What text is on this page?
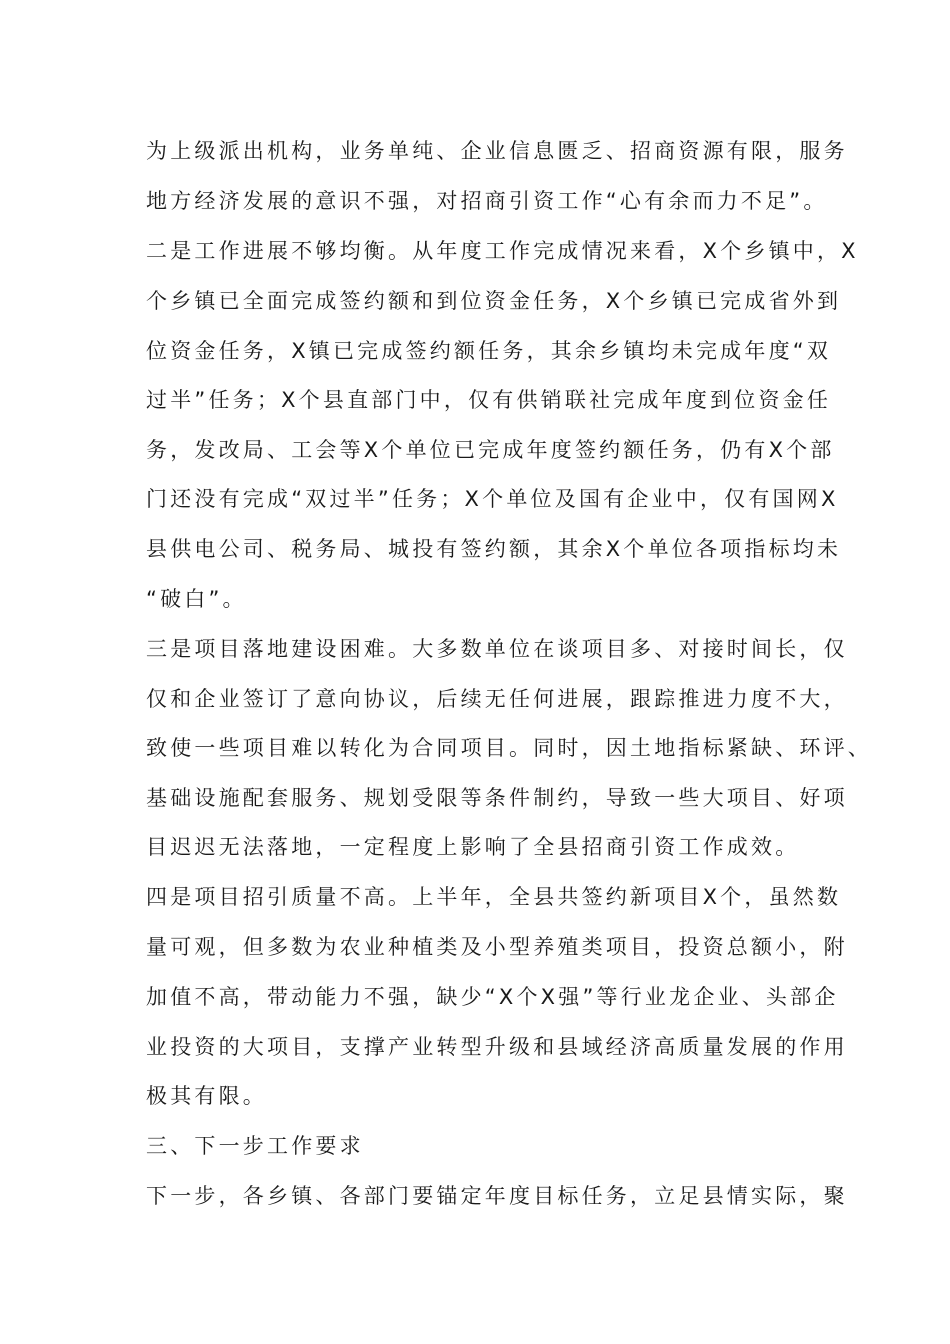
为上级派出机构，业务单纯、企业信息匮乏、招商资源有限，服务

地方经济发展的意识不强，对招商引资工作“心有余而力不足”。

二是工作进展不够均衡。从年度工作完成情况来看，X个乡镇中，X

个乡镇已全面完成签约额和到位资金任务，X个乡镇已完成省外到

位资金任务，X镇已完成签约额任务，其余乡镇均未完成年度“双

过半”任务；X个县直部门中，仅有供销联社完成年度到位资金任

务，发改局、工会等X个单位已完成年度签约额任务，仍有X个部

门还没有完成“双过半”任务；X个单位及国有企业中，仅有国网X

县供电公司、税务局、城投有签约额，其余X个单位各项指标均未

“破白”。

三是项目落地建设困难。大多数单位在谈项目多、对接时间长，仅

仅和企业签订了意向协议，后续无任何进展，跟踪推进力度不大，

致使一些项目难以转化为合同项目。同时，因土地指标紧缺、环评、

基础设施配套服务、规划受限等条件制约，导致一些大项目、好项

目迟迟无法落地，一定程度上影响了全县招商引资工作成效。

四是项目招引质量不高。上半年，全县共签约新项目X个，虽然数

量可观，但多数为农业种植类及小型养殖类项目，投资总额小，附

加值不高，带动能力不强，缺少“X个X强”等行业龙企业、头部企

业投资的大项目，支撑产业转型升级和县域经济高质量发展的作用

极其有限。

三、下一步工作要求

下一步，各乡镇、各部门要锚定年度目标任务，立足县情实际，聚
